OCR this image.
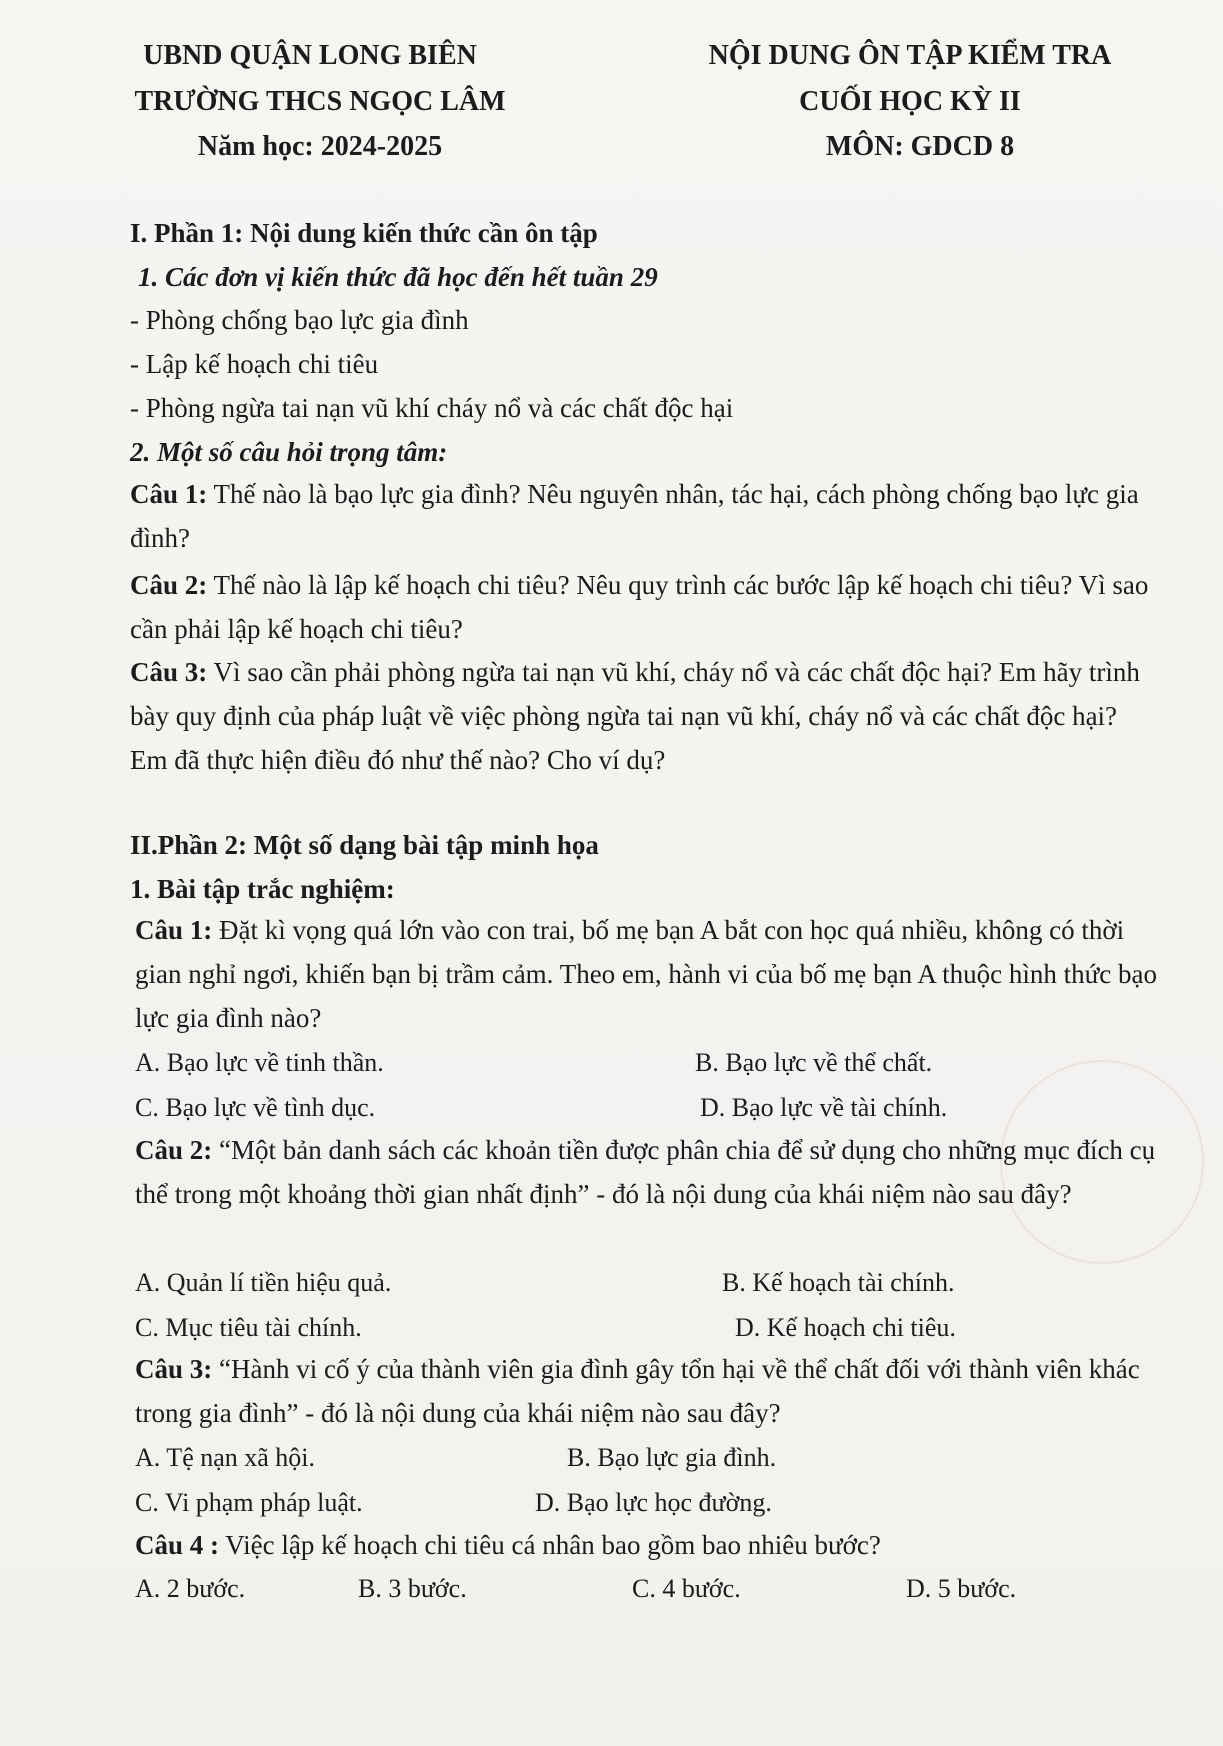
UBND QUẬN LONG BIÊN
TRƯỜNG THCS NGỌC LÂM
Năm học: 2024-2025
NỘI DUNG ÔN TẬP KIỂM TRA
CUỐI HỌC KỲ II
MÔN: GDCD 8
I. Phần 1: Nội dung kiến thức cần ôn tập
1. Các đơn vị kiến thức đã học đến hết tuần 29
- Phòng chống bạo lực gia đình
- Lập kế hoạch chi tiêu
- Phòng ngừa tai nạn vũ khí cháy nổ và các chất độc hại
2. Một số câu hỏi trọng tâm:
Câu 1: Thế nào là bạo lực gia đình? Nêu nguyên nhân, tác hại, cách phòng chống bạo lực gia đình?
Câu 2: Thế nào là lập kế hoạch chi tiêu? Nêu quy trình các bước lập kế hoạch chi tiêu? Vì sao cần phải lập kế hoạch chi tiêu?
Câu 3: Vì sao cần phải phòng ngừa tai nạn vũ khí, cháy nổ và các chất độc hại? Em hãy trình bày quy định của pháp luật về việc phòng ngừa tai nạn vũ khí, cháy nổ và các chất độc hại? Em đã thực hiện điều đó như thế nào? Cho ví dụ?
II.Phần 2: Một số dạng bài tập minh họa
1. Bài tập trắc nghiệm:
Câu 1: Đặt kì vọng quá lớn vào con trai, bố mẹ bạn A bắt con học quá nhiều, không có thời gian nghỉ ngơi, khiến bạn bị trầm cảm. Theo em, hành vi của bố mẹ bạn A thuộc hình thức bạo lực gia đình nào?
A. Bạo lực về tinh thần.	B. Bạo lực về thể chất.
C. Bạo lực về tình dục.	D. Bạo lực về tài chính.
Câu 2: “Một bản danh sách các khoản tiền được phân chia để sử dụng cho những mục đích cụ thể trong một khoảng thời gian nhất định” - đó là nội dung của khái niệm nào sau đây?
A. Quản lí tiền hiệu quả.	B. Kế hoạch tài chính.
C. Mục tiêu tài chính.	D. Kế hoạch chi tiêu.
Câu 3: “Hành vi cố ý của thành viên gia đình gây tổn hại về thể chất đối với thành viên khác trong gia đình” - đó là nội dung của khái niệm nào sau đây?
A. Tệ nạn xã hội.	B. Bạo lực gia đình.
C. Vi phạm pháp luật.	D. Bạo lực học đường.
Câu 4 : Việc lập kế hoạch chi tiêu cá nhân bao gồm bao nhiêu bước?
A. 2 bước.	B. 3 bước.	C. 4 bước.	D. 5 bước.
